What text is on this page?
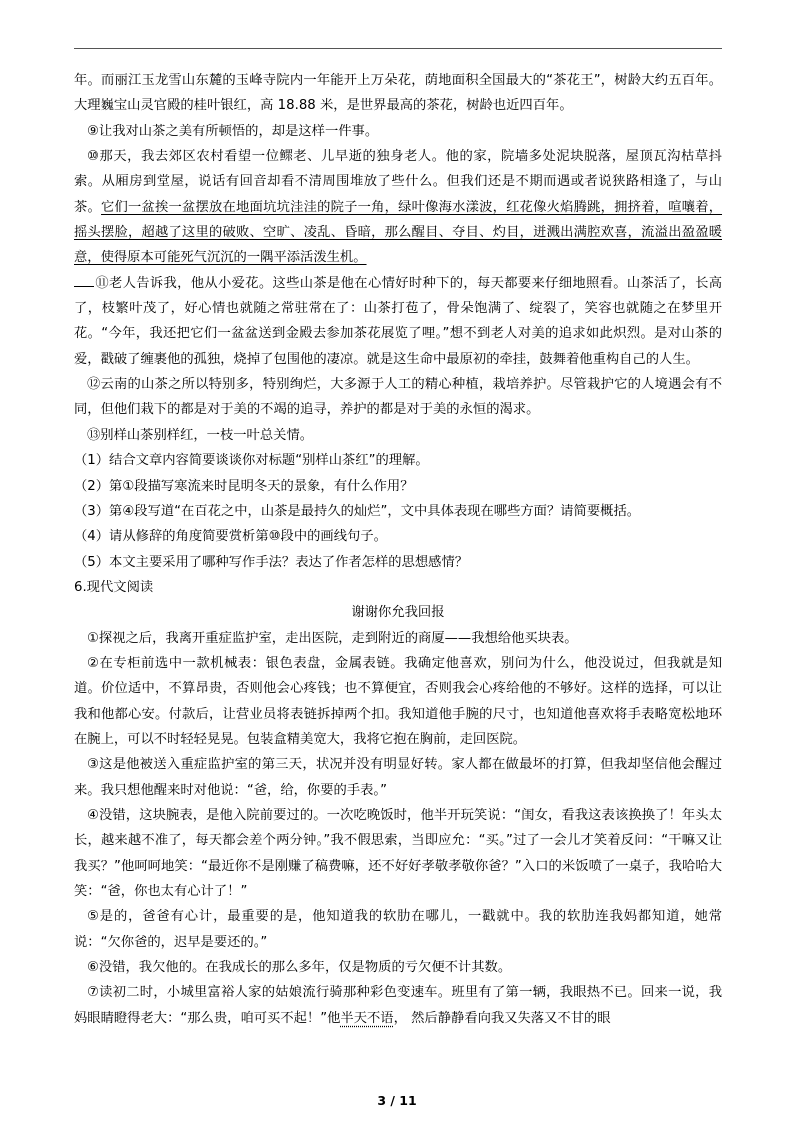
年。而丽江玉龙雪山东麓的玉峰寺院内一年能开上万朵花，荫地面积全国最大的“茶花王”，树龄大约五百年。大理巍宝山灵官殿的桂叶银红，高 18.88 米，是世界最高的茶花，树龄也近四百年。

⑨让我对山茶之美有所顿悟的，却是这样一件事。

⑩那天，我去郊区农村看望一位鳏老、儿早逝的独身老人。他的家，院墙多处泥块脱落，屋顶瓦沟枯草抖索。从厢房到堂屋，说话有回音却看不清周围堆放了些什么。但我们还是不期而遇或者说狭路相逢了，与山茶。它们一盆挨一盆摆放在地面坑坑洼洼的院子一角，绿叶像海水漾波，红花像火焰腾跳，拥挤着，喧嚷着，摇头摆脸，超越了这里的破败、空旷、凌乱、昏暗，那么醒目、夺目、灼目，迸溅出满腔欢喜，流溢出盈盈暖意，使得原本可能死气沉沉的一隅平添活泼生机。

⑪老人告诉我，他从小爱花。这些山茶是他在心情好时种下的，每天都要来仔细地照看。山茶活了，长高了，枝繁叶茂了，好心情也就随之常驻常在了：山茶打苞了，骨朵饱满了、绽裂了，笑容也就随之在梦里开花。“今年，我还把它们一盆盆送到金殿去参加茶花展览了哩。”想不到老人对美的追求如此炽烈。是对山茶的爱，戳破了缠裹他的孤独，烧掉了包围他的凄凉。就是这生命中最原初的牵挂，鼓舞着他重构自己的人生。

⑫云南的山茶之所以特别多，特别绚烂，大多源于人工的精心种植，栽培养护。尽管栽护它的人境遇会有不同，但他们栽下的都是对于美的不竭的追寻，养护的都是对于美的永恒的渴求。

⑬别样山茶别样红，一枝一叶总关情。

（1）结合文章内容简要谈谈你对标题“别样山茶红”的理解。

（2）第①段描写寒流来时昆明冬天的景象，有什么作用？

（3）第④段写道“在百花之中，山茶是最持久的灿烂”，文中具体表现在哪些方面？请简要概括。

（4）请从修辞的角度简要赏析第⑩段中的画线句子。

（5）本文主要采用了哪种写作手法？表达了作者怎样的思想感情？

6.现代文阅读

谢谢你允我回报

①探视之后，我离开重症监护室，走出医院，走到附近的商厦——我想给他买块表。

②在专柜前选中一款机械表：银色表盘，金属表链。我确定他喜欢，别问为什么，他没说过，但我就是知道。价位适中，不算昂贵，否则他会心疼钱；也不算便宜，否则我会心疼给他的不够好。这样的选择，可以让我和他都心安。付款后，让营业员将表链拆掉两个扣。我知道他手腕的尺寸，也知道他喜欢将手表略宽松地环在腕上，可以不时轻轻晃晃。包装盒精美宽大，我将它抱在胸前，走回医院。

③这是他被送入重症监护室的第三天，状况并没有明显好转。家人都在做最坏的打算，但我却坚信他会醒过来。我只想他醒来时对他说：“爸，给，你要的手表。”

④没错，这块腕表，是他入院前要过的。一次吃晚饭时，他半开玩笑说：“闺女，看我这表该换换了！年头太长，越来越不准了，每天都会差个两分钟。”我不假思索，当即应允：“买。”过了一会儿才笑着反问：“干嘛又让我买？”他呵呵地笑：“最近你不是刚赚了稿费嘛，还不好好孝敬孝敬你爸？”入口的米饭喷了一桌子，我哈哈大笑：“爸，你也太有心计了！”

⑤是的，爸爸有心计，最重要的是，他知道我的软肋在哪儿，一戳就中。我的软肋连我妈都知道，她常说：“欠你爸的，迟早是要还的。”

⑥没错，我欠他的。在我成长的那么多年，仅是物质的亏欠便不计其数。

⑦读初二时，小城里富裕人家的姑娘流行骑那种彩色变速车。班里有了第一辆，我眼热不已。回来一说，我妈眼睛瞪得老大：“那么贵，咱可买不起！”他半天不语， 然后静静看向我又失落又不甘的眼

3 / 11
